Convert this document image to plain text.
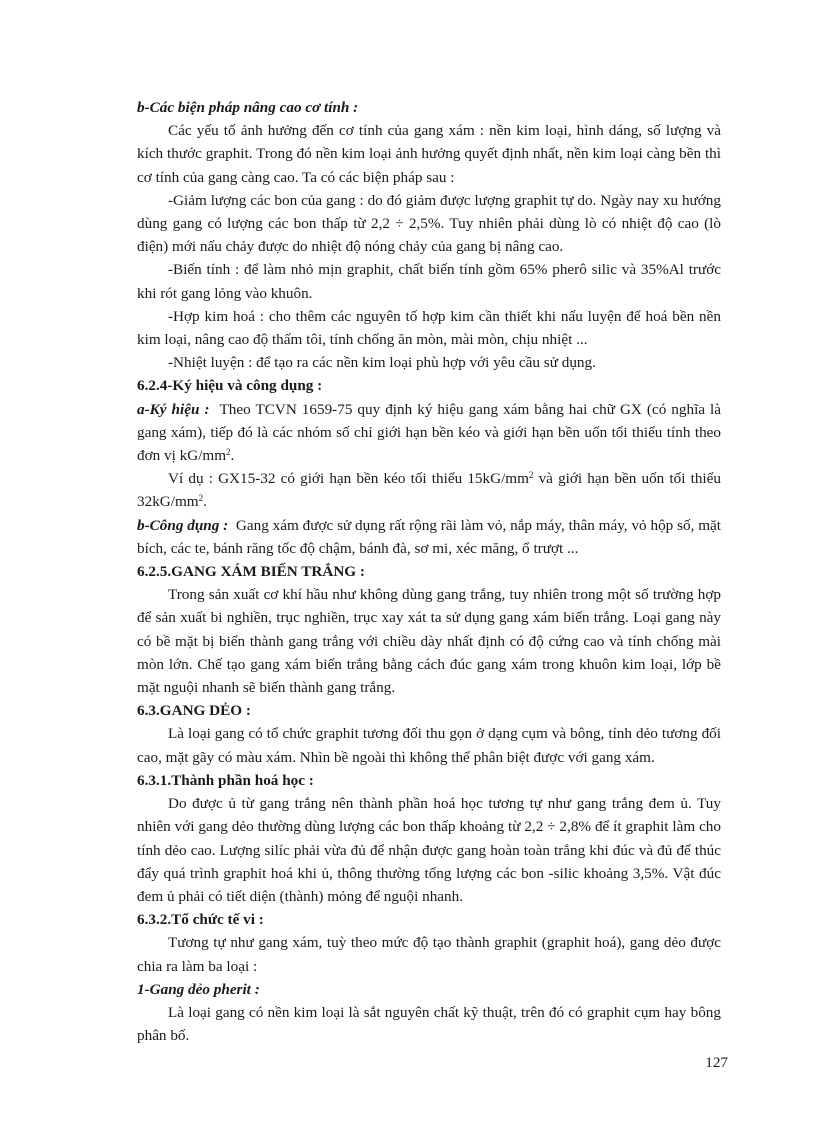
b-Các biện pháp nâng cao cơ tính :

Các yếu tố ảnh hưởng đến cơ tính của gang xám : nền kim loại, hình dáng, số lượng và kích thước graphit. Trong đó nền kim loại ảnh hưởng quyết định nhất, nền kim loại càng bền thì cơ tính của gang càng cao. Ta có các biện pháp sau :

-Giảm lượng các bon của gang : do đó giảm được lượng graphit tự do. Ngày nay xu hướng dùng gang có lượng các bon thấp từ 2,2 ÷ 2,5%. Tuy nhiên phải dùng lò có nhiệt độ cao (lò điện) mới nấu chảy được do nhiệt độ nóng chảy của gang bị nâng cao.

-Biến tính : để làm nhỏ mịn graphit, chất biến tính gồm 65% pherô silic và 35%Al trước khi rót gang lỏng vào khuôn.

-Hợp kim hoá : cho thêm các nguyên tố hợp kim cần thiết khi nấu luyện để hoá bền nền kim loại, nâng cao độ thấm tôi, tính chống ăn mòn, mài mòn, chịu nhiệt ...

-Nhiệt luyện : để tạo ra các nền kim loại phù hợp với yêu cầu sử dụng.

6.2.4-Ký hiệu và công dụng :

a-Ký hiệu : Theo TCVN 1659-75 quy định ký hiệu gang xám bằng hai chữ GX (có nghĩa là gang xám), tiếp đó là các nhóm số chỉ giới hạn bền kéo và giới hạn bền uốn tối thiểu tính theo đơn vị $kG/mm^2$.

Ví dụ : GX15-32 có giới hạn bền kéo tối thiểu $15kG/mm^2$ và giới hạn bền uốn tối thiểu $32kG/mm^2$.

b-Công dụng : Gang xám được sử dụng rất rộng rãi làm vỏ, nắp máy, thân máy, vỏ hộp số, mặt bích, các te, bánh răng tốc độ chậm, bánh đà, sơ mi, xéc măng, ổ trượt ...

6.2.5.GANG XÁM BIẾN TRẮNG :

Trong sản xuất cơ khí hầu như không dùng gang trắng, tuy nhiên trong một số trường hợp để sản xuất bi nghiền, trục nghiền, trục xay xát ta sử dụng gang xám biến trắng. Loại gang này có bề mặt bị biến thành gang trắng với chiều dày nhất định có độ cứng cao và tính chống mài mòn lớn. Chế tạo gang xám biến trắng bằng cách đúc gang xám trong khuôn kim loại, lớp bề mặt nguội nhanh sẽ biến thành gang trắng.

6.3.GANG DẺO :

Là loại gang có tổ chức graphit tương đối thu gọn ở dạng cụm và bông, tính dẻo tương đối cao, mặt gãy có màu xám. Nhìn bề ngoài thì không thể phân biệt được với gang xám.

6.3.1.Thành phần hoá học :

Do được ủ từ gang trắng nên thành phần hoá học tương tự như gang trắng đem ủ. Tuy nhiên với gang dẻo thường dùng lượng các bon thấp khoảng từ 2,2 ÷ 2,8% để ít graphit làm cho tính dẻo cao. Lượng silíc phải vừa đủ để nhận được gang hoàn toàn trắng khi đúc và đủ để thúc đẩy quá trình graphit hoá khi ủ, thông thường tổng lượng các bon -silic khoảng 3,5%. Vật đúc đem ủ phải có tiết diện (thành) mỏng để nguội nhanh.

6.3.2.Tổ chức tế vi :

Tương tự như gang xám, tuỳ theo mức độ tạo thành graphit (graphit hoá), gang dẻo được chia ra làm ba loại :

1-Gang dẻo pherit :

Là loại gang có nền kim loại là sắt nguyên chất kỹ thuật, trên đó có graphit cụm hay bông phân bố.

127
